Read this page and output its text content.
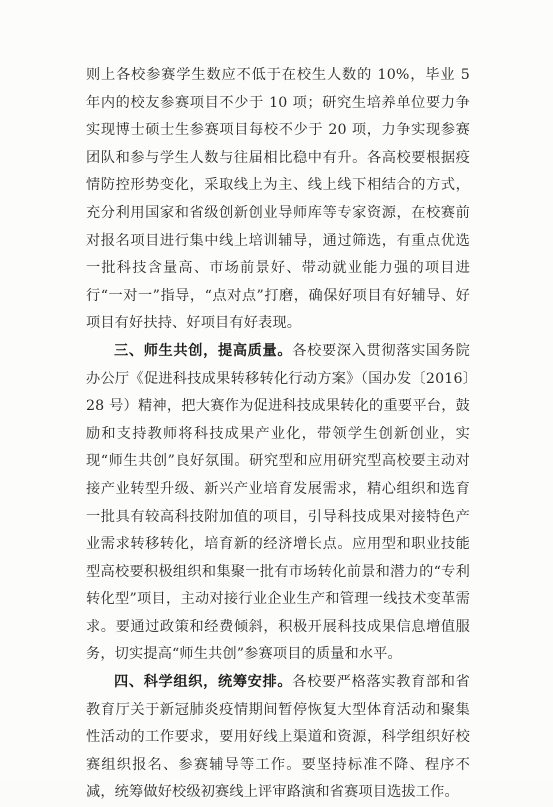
则上各校参赛学生数应不低于在校生人数的 10%，毕业 5 年内的校友参赛项目不少于 10 项；研究生培养单位要力争实现博士硕士生参赛项目每校不少于 20 项，力争实现参赛团队和参与学生人数与往届相比稳中有升。各高校要根据疫情防控形势变化，采取线上为主、线上线下相结合的方式，充分利用国家和省级创新创业导师库等专家资源，在校赛前对报名项目进行集中线上培训辅导，通过筛选，有重点优选一批科技含量高、市场前景好、带动就业能力强的项目进行“一对一”指导，“点对点”打磨，确保好项目有好辅导、好项目有好扶持、好项目有好表现。

三、师生共创，提高质量。各校要深入贯彻落实国务院办公厅《促进科技成果转移转化行动方案》（国办发〔2016〕28 号）精神，把大赛作为促进科技成果转化的重要平台，鼓励和支持教师将科技成果产业化，带领学生创新创业，实现“师生共创”良好氛围。研究型和应用研究型高校要主动对接产业转型升级、新兴产业培育发展需求，精心组织和选育一批具有较高科技附加值的项目，引导科技成果对接特色产业需求转移转化，培育新的经济增长点。应用型和职业技能型高校要积极组织和集聚一批有市场转化前景和潜力的“专利转化型”项目，主动对接行业企业生产和管理一线技术变革需求。要通过政策和经费倾斜，积极开展科技成果信息增值服务，切实提高“师生共创”参赛项目的质量和水平。

四、科学组织，统筹安排。各校要严格落实教育部和省教育厅关于新冠肺炎疫情期间暂停恢复大型体育活动和聚集性活动的工作要求，要用好线上渠道和资源，科学组织好校赛组织报名、参赛辅导等工作。要坚持标准不降、程序不减，统筹做好校级初赛线上评审路演和省赛项目选拔工作。
